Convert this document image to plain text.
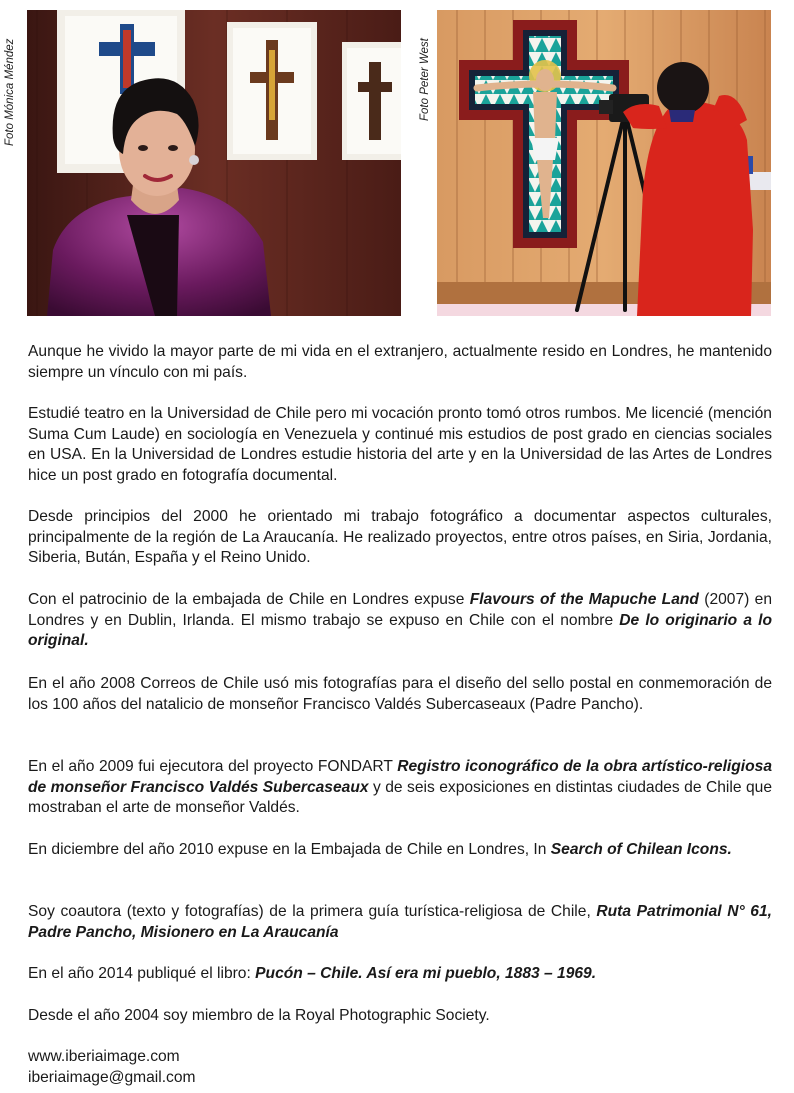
Foto Mónica Méndez	Foto Peter West
Aunque he vivido la mayor parte de mi vida en el extranjero, actualmente resido en Londres, he mantenido siempre un vínculo con mi país.
Estudié teatro en la Universidad de Chile pero mi vocación pronto tomó otros rumbos. Me licencié (mención Suma Cum Laude) en sociología en Venezuela y continué mis estudios de post grado en ciencias sociales en USA. En la Universidad de Londres estudie historia del arte y en la Universidad de las Artes de Londres hice un post grado en fotografía documental.
Desde principios del 2000 he orientado mi trabajo fotográfico a documentar aspectos culturales, principalmente de la región de La Araucanía. He realizado proyectos, entre otros países, en Siria, Jordania, Siberia, Bután, España y el Reino Unido.
Con el patrocinio de la embajada de Chile en Londres expuse Flavours of the Mapuche Land (2007) en Londres y en Dublin, Irlanda. El mismo trabajo se expuso en Chile con el nombre De lo originario a lo original.
En el año 2008 Correos de Chile usó mis fotografías para el diseño del sello postal en conmemoración de los 100 años del natalicio de monseñor Francisco Valdés Subercaseaux (Padre Pancho).
En el año 2009 fui ejecutora del proyecto FONDART Registro iconográfico de la obra artístico-religiosa de monseñor Francisco Valdés Subercaseaux y de seis exposiciones en distintas ciudades de Chile que mostraban el arte de monseñor Valdés.
En diciembre del año 2010 expuse en la Embajada de Chile en Londres, In Search of Chilean Icons.
Soy coautora (texto y fotografías) de la primera guía turística-religiosa de Chile, Ruta Patrimonial N° 61, Padre Pancho, Misionero en La Araucanía
En el año 2014 publiqué el libro: Pucón – Chile. Así era mi pueblo, 1883 – 1969.
Desde el año 2004 soy miembro de la Royal Photographic Society.
www.iberiaimage.com
iberiaimage@gmail.com
